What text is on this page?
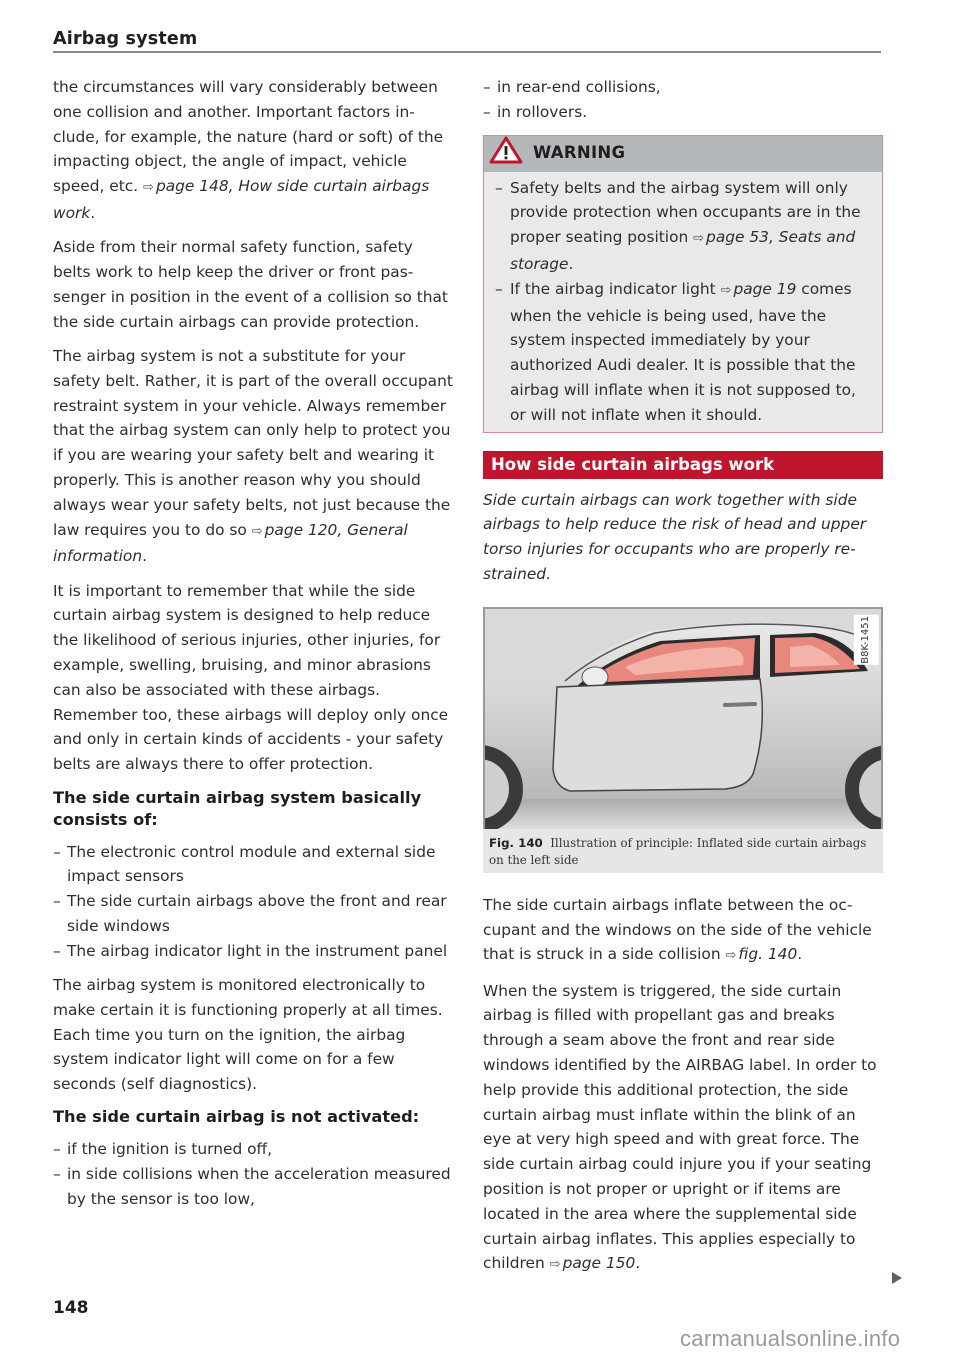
Airbag system

the circumstances will vary considerably between one collision and another. Important factors include, for example, the nature (hard or soft) of the impacting object, the angle of impact, vehicle speed, etc. ⇨ page 148, How side curtain airbags work.

Aside from their normal safety function, safety belts work to help keep the driver or front passenger in position in the event of a collision so that the side curtain airbags can provide protection.

The airbag system is not a substitute for your safety belt. Rather, it is part of the overall occupant restraint system in your vehicle. Always remember that the airbag system can only help to protect you if you are wearing your safety belt and wearing it properly. This is another reason why you should always wear your safety belts, not just because the law requires you to do so ⇨ page 120, General information.

It is important to remember that while the side curtain airbag system is designed to help reduce the likelihood of serious injuries, other injuries, for example, swelling, bruising, and minor abrasions can also be associated with these airbags. Remember too, these airbags will deploy only once and only in certain kinds of accidents - your safety belts are always there to offer protection.

The side curtain airbag system basically consists of:
– The electronic control module and external side impact sensors
– The side curtain airbags above the front and rear side windows
– The airbag indicator light in the instrument panel

The airbag system is monitored electronically to make certain it is functioning properly at all times. Each time you turn on the ignition, the airbag system indicator light will come on for a few seconds (self diagnostics).

The side curtain airbag is not activated:
– if the ignition is turned off,
– in side collisions when the acceleration measured by the sensor is too low,
– in rear-end collisions,
– in rollovers.
WARNING
– Safety belts and the airbag system will only provide protection when occupants are in the proper seating position ⇨ page 53, Seats and storage.
– If the airbag indicator light ⇨ page 19 comes when the vehicle is being used, have the system inspected immediately by your authorized Audi dealer. It is possible that the airbag will inflate when it is not supposed to, or will not inflate when it should.
How side curtain airbags work

Side curtain airbags can work together with side airbags to help reduce the risk of head and upper torso injuries for occupants who are properly restrained.

B8K-1451
Fig. 140 Illustration of principle: Inflated side curtain airbags on the left side

The side curtain airbags inflate between the occupant and the windows on the side of the vehicle that is struck in a side collision ⇨ fig. 140.

When the system is triggered, the side curtain airbag is filled with propellant gas and breaks through a seam above the front and rear side windows identified by the AIRBAG label. In order to help provide this additional protection, the side curtain airbag must inflate within the blink of an eye at very high speed and with great force. The side curtain airbag could injure you if your seating position is not proper or upright or if items are located in the area where the supplemental side curtain airbag inflates. This applies especially to children ⇨ page 150.

148
carmanualsonline.info
